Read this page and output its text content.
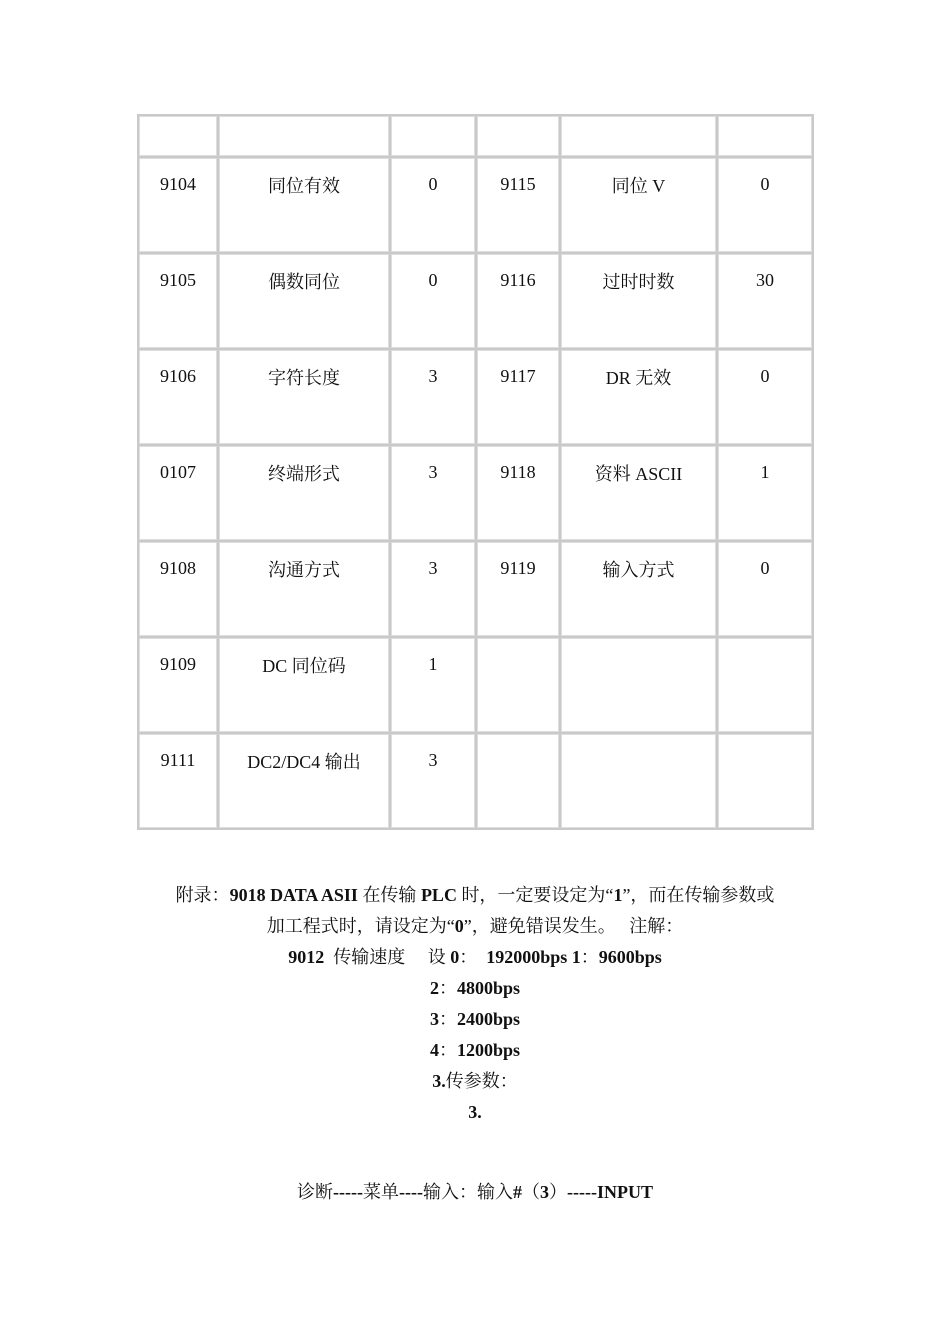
9104	同位有效	0	9115	同位 V	0
9105	偶数同位	0	9116	过时时数	30
9106	字符长度	3	9117	DR 无效	0
0107	终端形式	3	9118	资料 ASCII	1
9108	沟通方式	3	9119	输入方式	0
9109	DC 同位码	1			
9111	DC2/DC4 输出	3			

附录：9018 DATA ASII 在传输 PLC 时，一定要设定为“1”，而在传输参数或

加工程式时，请设定为“0”，避免错误发生。　 注解：

9012  传输速度　 设 0：  192000bps 1：9600bps

2：4800bps

3：2400bps

4：1200bps

3.传参数：

3.

诊断-----菜单----输入：输入#（3）-----INPUT
